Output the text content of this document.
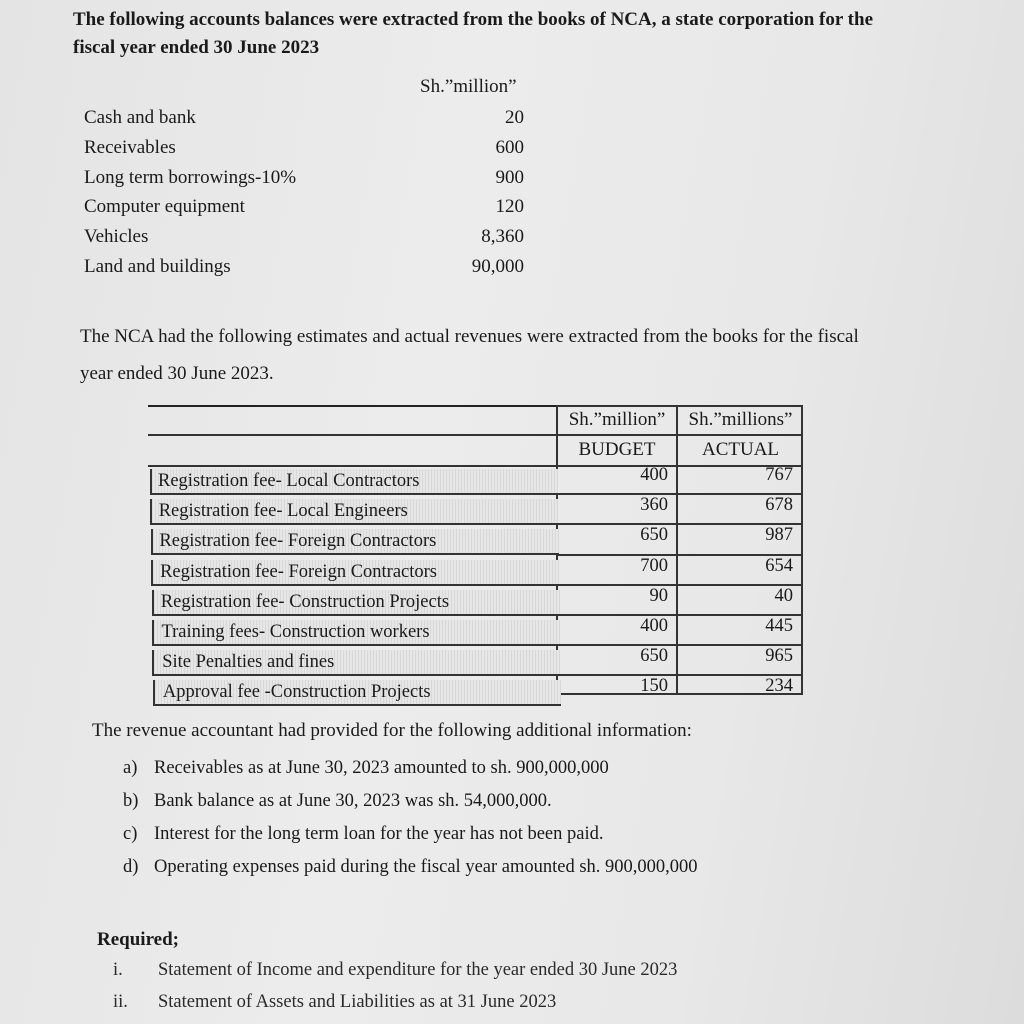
The following accounts balances were extracted from the books of NCA, a state corporation for the fiscal year ended 30 June 2023
Sh.”million”
Cash and bank	20
Receivables	600
Long term borrowings-10%	900
Computer equipment	120
Vehicles	8,360
Land and buildings	90,000
The NCA had the following estimates and actual revenues were extracted from the books for the fiscal year ended 30 June 2023.
Sh.”million”	Sh.”millions”
BUDGET	ACTUAL
Registration fee- Local Contractors	400	767
Registration fee- Local Engineers	360	678
Registration fee- Foreign Contractors	650	987
Registration fee- Foreign Contractors	700	654
Registration fee- Construction Projects	90	40
Training fees- Construction workers	400	445
Site Penalties and fines	650	965
Approval fee -Construction Projects	150	234
The revenue accountant had provided for the following additional information:
a) Receivables as at June 30, 2023 amounted to sh. 900,000,000
b) Bank balance as at June 30, 2023 was sh. 54,000,000.
c) Interest for the long term loan for the year has not been paid.
d) Operating expenses paid during the fiscal year amounted sh. 900,000,000
Required;
i. Statement of Income and expenditure for the year ended 30 June 2023
ii. Statement of Assets and Liabilities as at 31 June 2023
